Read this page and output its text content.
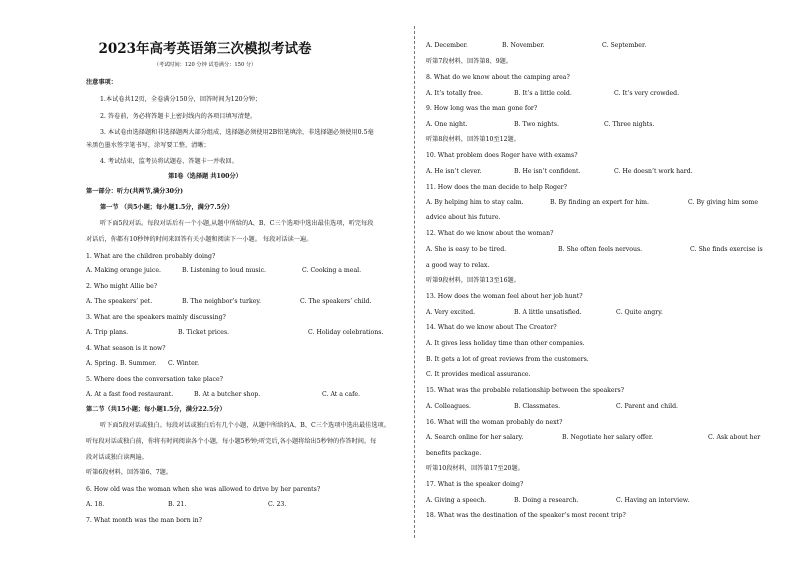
2023年高考英语第三次模拟考试卷
（考试时间：120 分钟 试卷满分：150 分）
注意事项：
1.本试卷共12页，全卷满分150分，回答时间为120分钟；
2. 答卷前，务必将答题卡上密封线内的各项目填写清楚。
3. 本试卷由选择题和非选择题两大部分组成，选择题必须使用2B铅笔填涂，非选择题必须使用0.5毫
米黑色墨水签字笔书写，涂写要工整、清晰；
4. 考试结束，监考员将试题卷、答题卡一并收回。
第Ⅰ卷（选择题 共100分）
第一部分：听力(共两节,满分30分)
第一节 （共5小题；每小题1.5分，满分7.5分）
听下面5段对话。每段对话后有一个小题,从题中所给的A、B、C三个选项中选出最佳选项，听完每段
对话后，你都有10秒钟的时间来回答有关小题和阅读下一小题。 每段对话读一遍。
1. What are the children probably doing?
A. Making orange juice.	B. Listening to loud music.	C. Cooking a meal.
2. Who might Allie be?
A. The speakers’ pet.	B. The neighbor’s turkey.	C. The speakers’ child.
3. What are the speakers mainly discussing?
A. Trip plans.	B. Ticket prices.	C. Holiday celebrations.
4. What season is it now?
A. Spring. B. Summer. C. Winter.
5. Where does the conversation take place?
A. At a fast food restaurant.	B. At a butcher shop.	C. At a cafe.
第二节（共15小题；每小题1.5分，满分22.5分）
听下面5段对话或独白。每段对话或独白后有几个小题，从题中所给的A、B、C三个选项中选出最佳选项。
听每段对话或独白前，你将有时间阅读各个小题，每小题5秒钟;听完后,各小题将给出5秒钟的作答时间。每
段对话或独白读两遍。
听第6段材料，回答第6、7题。
6. How old was the woman when she was allowed to drive by her parents?
A. 18.	B. 21.	C. 23.
7. What month was the man born in?
A. December.	B. November.	C. September.
听第7段材料，回答第8、9题。
8. What do we know about the camping area?
A. It’s totally free.	B. It’s a little cold.	C. It’s very crowded.
9. How long was the man gone for?
A. One night.	B. Two nights.	C. Three nights.
听第8段材料，回答第10至12题。
10. What problem does Roger have with exams?
A. He isn’t clever.	B. He isn’t confident.	C. He doesn’t work hard.
11. How does the man decide to help Roger?
A. By helping him to stay calm.	B. By finding an expert for him.	C. By giving him some
advice about his future.
12. What do we know about the woman?
A. She is easy to be tired.	B. She often feels nervous.	C. She finds exercise is
a good way to relax.
听第9段材料，回答第13至16题。
13. How does the woman feel about her job hunt?
A. Very excited.	B. A little unsatisfied.	C. Quite angry.
14. What do we know about The Creator?
A. It gives less holiday time than other companies.
B. It gets a lot of great reviews from the customers.
C. It provides medical assurance.
15. What was the probable relationship between the speakers?
A. Colleagues.	B. Classmates.	C. Parent and child.
16. What will the woman probably do next?
A. Search online for her salary.	B. Negotiate her salary offer.	C. Ask about her
benefits package.
听第10段材料，回答第17至20题。
17. What is the speaker doing?
A. Giving a speech.	B. Doing a research.	C. Having an interview.
18. What was the destination of the speaker’s most recent trip?
